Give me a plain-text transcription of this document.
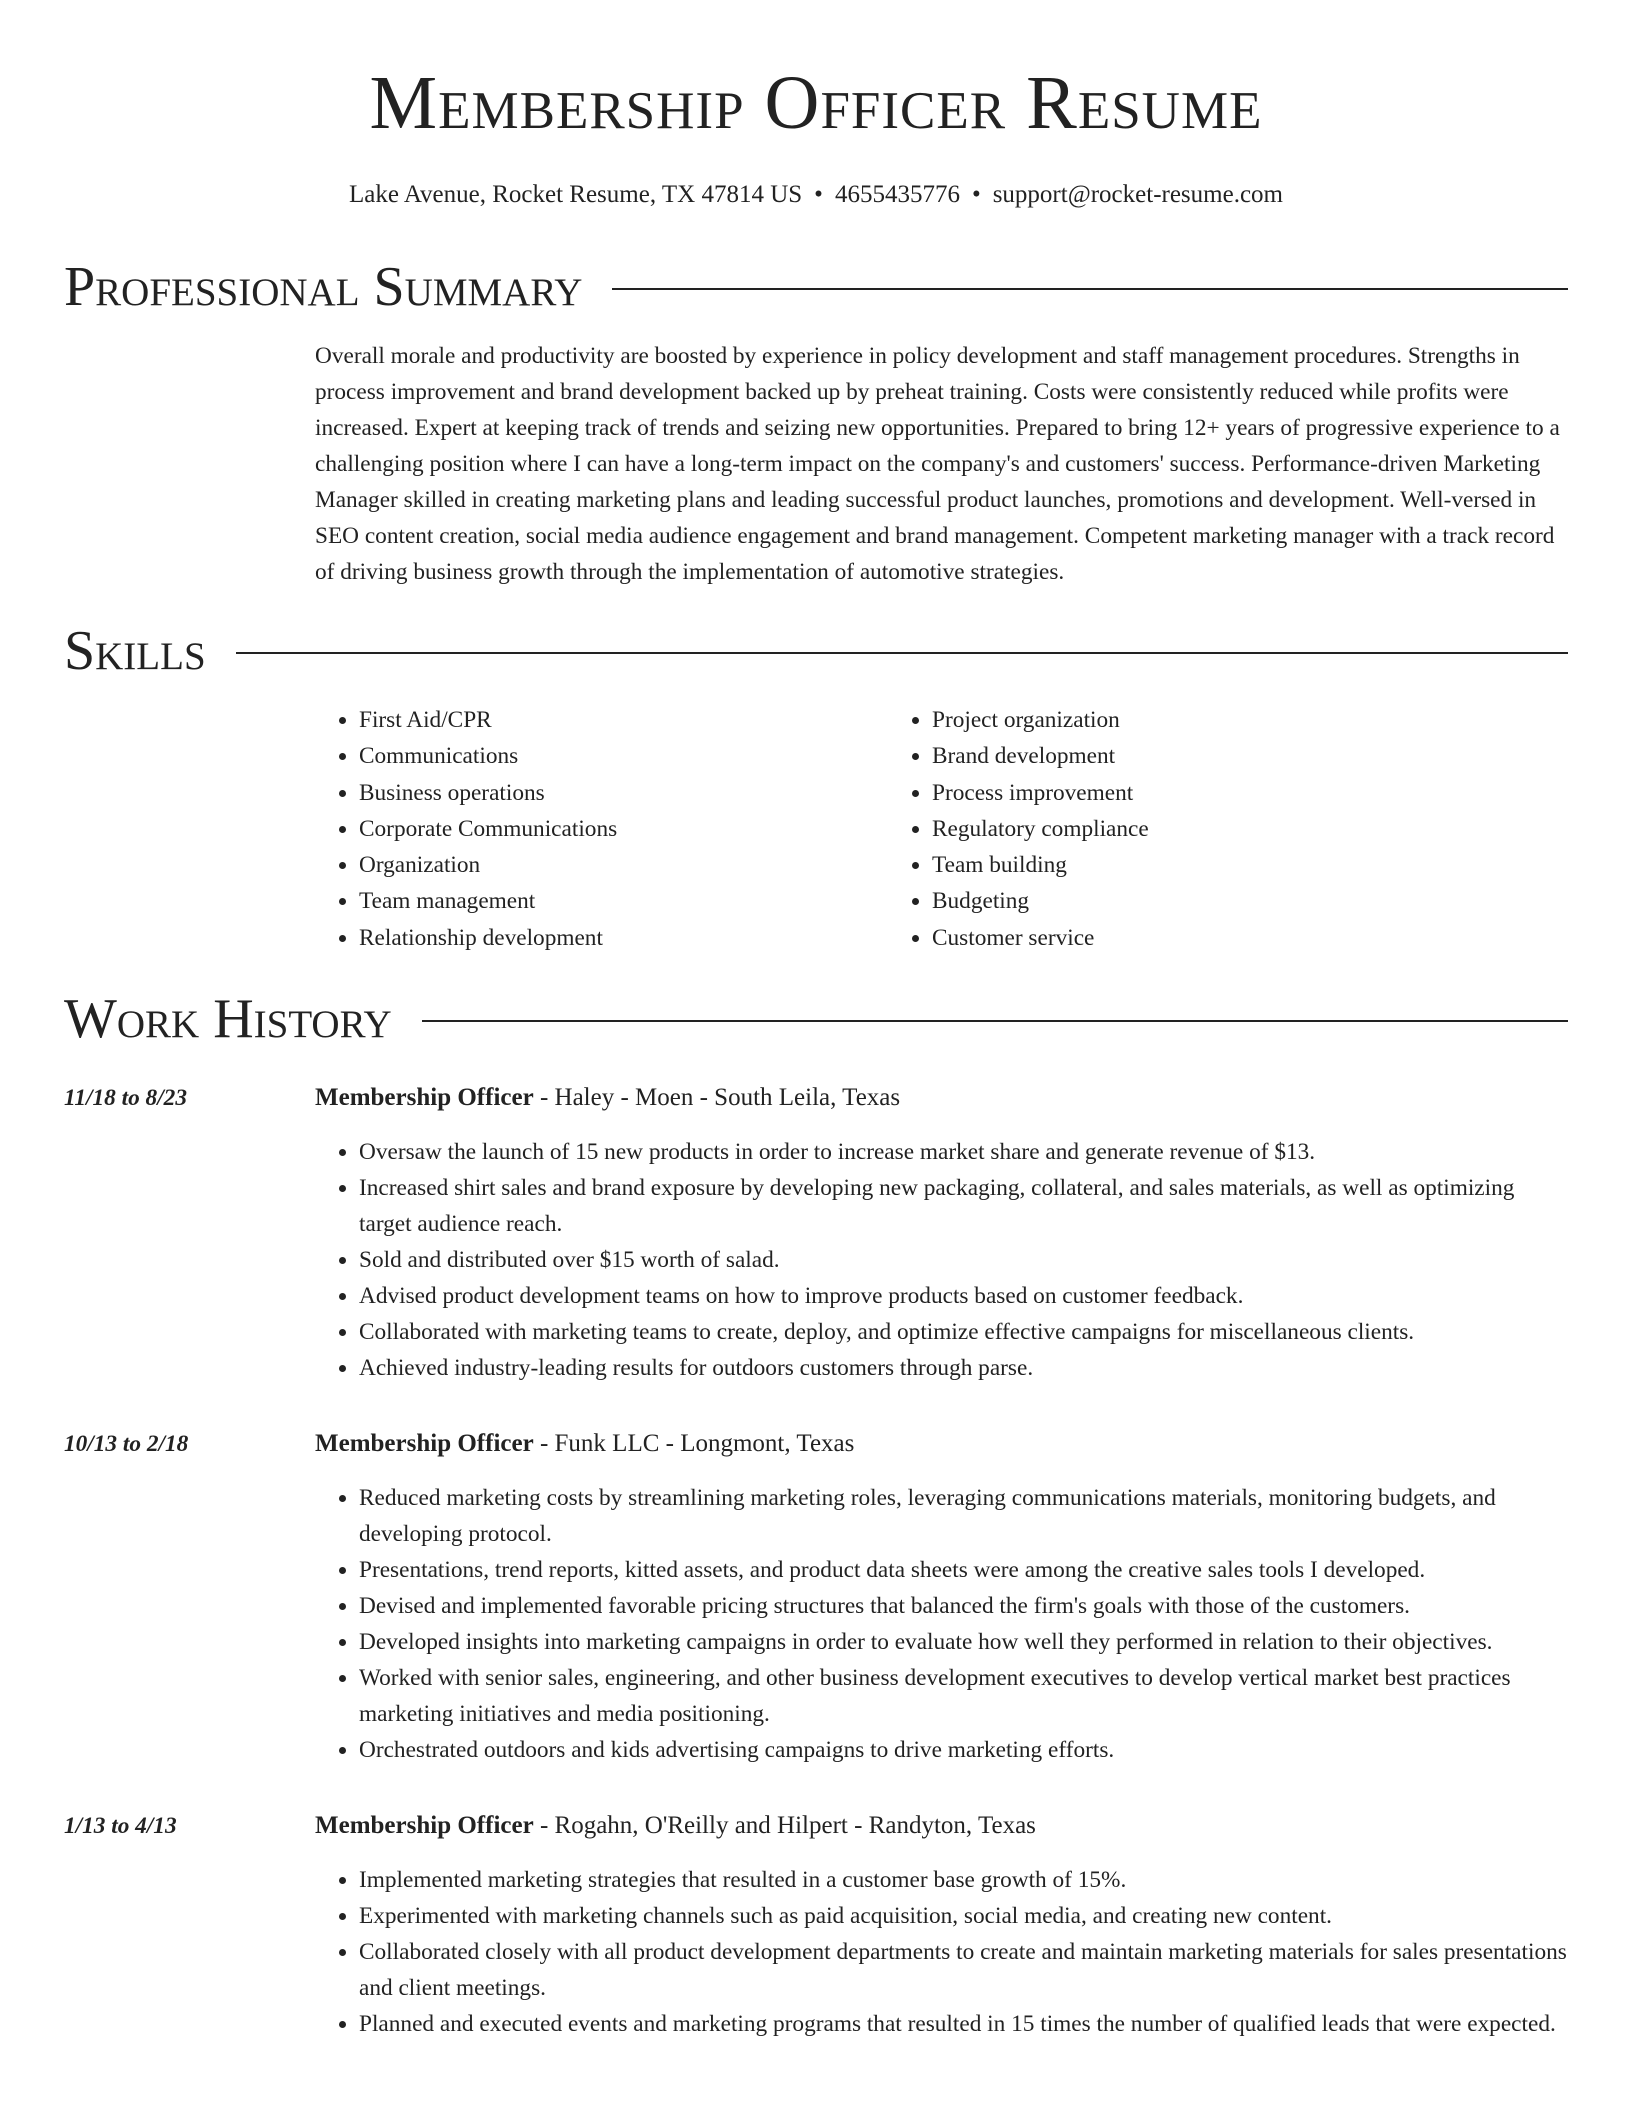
Membership Officer Resume
Lake Avenue, Rocket Resume, TX 47814 US • 4655435776 • support@rocket-resume.com
Professional Summary

Overall morale and productivity are boosted by experience in policy development and staff management procedures. Strengths in process improvement and brand development backed up by preheat training. Costs were consistently reduced while profits were increased. Expert at keeping track of trends and seizing new opportunities. Prepared to bring 12+ years of progressive experience to a challenging position where I can have a long-term impact on the company's and customers' success. Performance-driven Marketing Manager skilled in creating marketing plans and leading successful product launches, promotions and development. Well-versed in SEO content creation, social media audience engagement and brand management. Competent marketing manager with a track record of driving business growth through the implementation of automotive strategies.

Skills
• First Aid/CPR
• Communications
• Business operations
• Corporate Communications
• Organization
• Team management
• Relationship development
• Project organization
• Brand development
• Process improvement
• Regulatory compliance
• Team building
• Budgeting
• Customer service
Work History
11/18 to 8/23	Membership Officer - Haley - Moen - South Leila, Texas
• Oversaw the launch of 15 new products in order to increase market share and generate revenue of $13.
• Increased shirt sales and brand exposure by developing new packaging, collateral, and sales materials, as well as optimizing target audience reach.
• Sold and distributed over $15 worth of salad.
• Advised product development teams on how to improve products based on customer feedback.
• Collaborated with marketing teams to create, deploy, and optimize effective campaigns for miscellaneous clients.
• Achieved industry-leading results for outdoors customers through parse.
10/13 to 2/18	Membership Officer - Funk LLC - Longmont, Texas
• Reduced marketing costs by streamlining marketing roles, leveraging communications materials, monitoring budgets, and developing protocol.
• Presentations, trend reports, kitted assets, and product data sheets were among the creative sales tools I developed.
• Devised and implemented favorable pricing structures that balanced the firm's goals with those of the customers.
• Developed insights into marketing campaigns in order to evaluate how well they performed in relation to their objectives.
• Worked with senior sales, engineering, and other business development executives to develop vertical market best practices marketing initiatives and media positioning.
• Orchestrated outdoors and kids advertising campaigns to drive marketing efforts.
1/13 to 4/13	Membership Officer - Rogahn, O'Reilly and Hilpert - Randyton, Texas
• Implemented marketing strategies that resulted in a customer base growth of 15%.
• Experimented with marketing channels such as paid acquisition, social media, and creating new content.
• Collaborated closely with all product development departments to create and maintain marketing materials for sales presentations and client meetings.
• Planned and executed events and marketing programs that resulted in 15 times the number of qualified leads that were expected.
